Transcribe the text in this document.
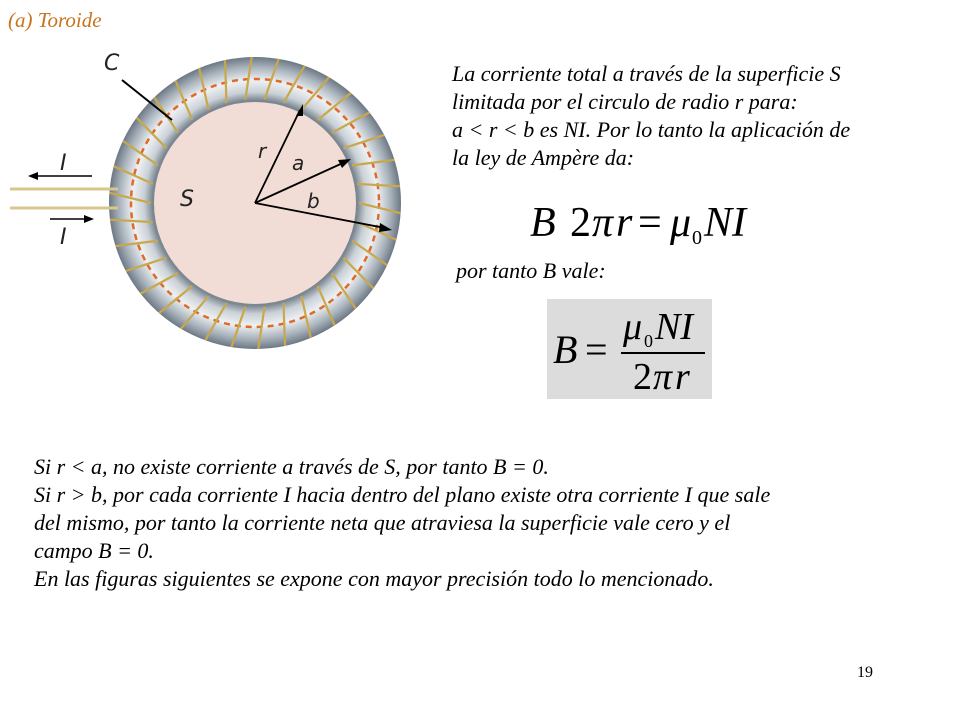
(a) Toroide
C
I
I
S
r a
b
La corriente total a través de la superficie S
limitada por el circulo de radio r para:
a < r < b es NI. Por lo tanto la aplicación de
la ley de Ampère da:
B 2 π r = μ 0 NI
por tanto B vale:
B = μ 0 NI
2 π r
Si r < a, no existe corriente a través de S, por tanto B = 0.
Si r > b, por cada corriente I hacia dentro del plano existe otra corriente I que sale
del mismo, por tanto la corriente neta que atraviesa la superficie vale cero y el
campo B = 0.
En las figuras siguientes se expone con mayor precisión todo lo mencionado.
19
